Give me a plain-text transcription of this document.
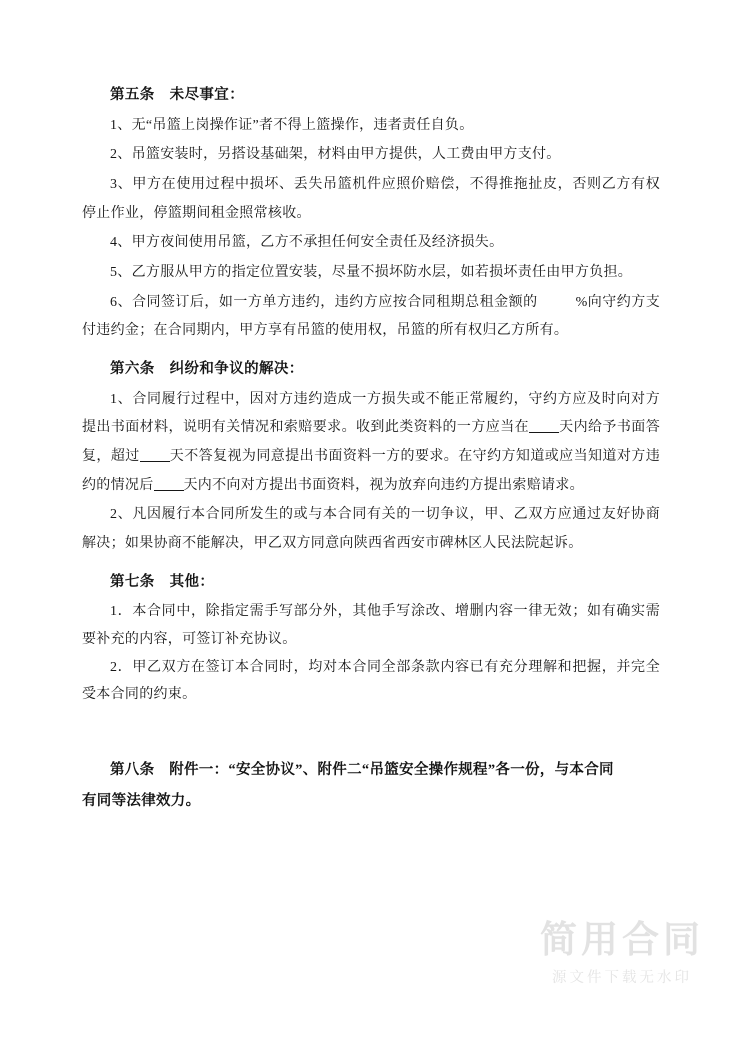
第五条　未尽事宜：

1、无“吊篮上岗操作证”者不得上篮操作，违者责任自负。

2、吊篮安装时，另搭设基础架，材料由甲方提供，人工费由甲方支付。

3、甲方在使用过程中损坏、丢失吊篮机件应照价赔偿，不得推拖扯皮，否则乙方有权停止作业，停篮期间租金照常核收。

4、甲方夜间使用吊篮，乙方不承担任何安全责任及经济损失。

5、乙方服从甲方的指定位置安装，尽量不损坏防水层，如若损坏责任由甲方负担。

6、合同签订后，如一方单方违约，违约方应按合同租期总租金额的	%向守约方支付违约金；在合同期内，甲方享有吊篮的使用权，吊篮的所有权归乙方所有。

第六条　纠纷和争议的解决：

1、合同履行过程中，因对方违约造成一方损失或不能正常履约，守约方应及时向对方提出书面材料，说明有关情况和索赔要求。收到此类资料的一方应当在 天内给予书面答复，超过 天不答复视为同意提出书面资料一方的要求。在守约方知道或应当知道对方违约的情况后 天内不向对方提出书面资料，视为放弃向违约方提出索赔请求。

2、凡因履行本合同所发生的或与本合同有关的一切争议，甲、乙双方应通过友好协商解决；如果协商不能解决，甲乙双方同意向陕西省西安市碑林区人民法院起诉。

第七条　其他：

1．本合同中，除指定需手写部分外，其他手写涂改、增删内容一律无效；如有确实需要补充的内容，可签订补充协议。

2．甲乙双方在签订本合同时，均对本合同全部条款内容已有充分理解和把握，并完全受本合同的约束。

第八条　附件一：“安全协议”、附件二“吊篮安全操作规程”各一份，与本合同
有同等法律效力。
简用合同
源文件下载无水印
